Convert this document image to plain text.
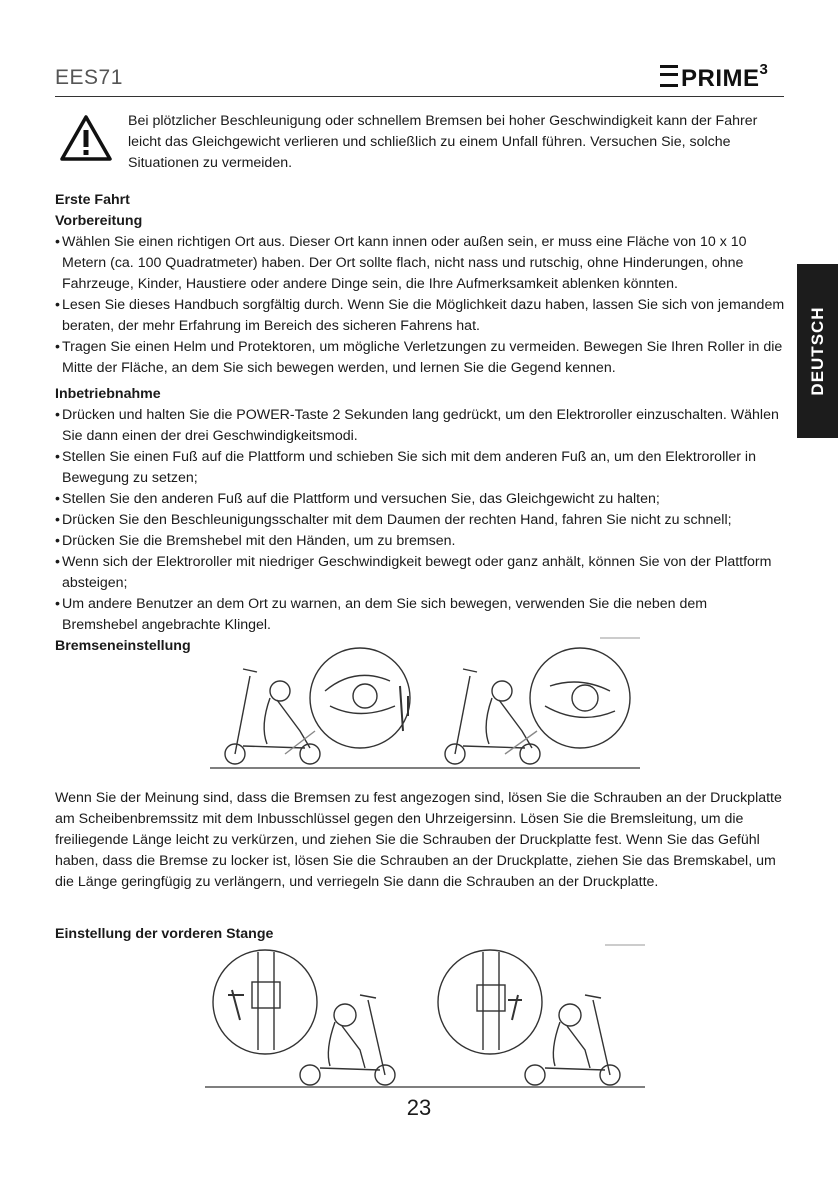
EES71	PRIME$^3$
DEUTSCH
Bei plötzlicher Beschleunigung oder schnellem Bremsen bei hoher Geschwindigkeit kann der Fahrer leicht das Gleichgewicht verlieren und schließlich zu einem Unfall führen. Versuchen Sie, solche Situationen zu vermeiden.
Erste Fahrt
Vorbereitung
• Wählen Sie einen richtigen Ort aus. Dieser Ort kann innen oder außen sein, er muss eine Fläche von 10 x 10 Metern (ca. 100 Quadratmeter) haben. Der Ort sollte flach, nicht nass und rutschig, ohne Hinderungen, ohne Fahrzeuge, Kinder, Haustiere oder andere Dinge sein, die Ihre Aufmerksamkeit ablenken könnten.
• Lesen Sie dieses Handbuch sorgfältig durch. Wenn Sie die Möglichkeit dazu haben, lassen Sie sich von jemandem beraten, der mehr Erfahrung im Bereich des sicheren Fahrens hat.
• Tragen Sie einen Helm und Protektoren, um mögliche Verletzungen zu vermeiden. Bewegen Sie Ihren Roller in die Mitte der Fläche, an dem Sie sich bewegen werden, und lernen Sie die Gegend kennen.
Inbetriebnahme
• Drücken und halten Sie die POWER-Taste 2 Sekunden lang gedrückt, um den Elektroroller einzuschalten. Wählen Sie dann einen der drei Geschwindigkeitsmodi.
• Stellen Sie einen Fuß auf die Plattform und schieben Sie sich mit dem anderen Fuß an, um den Elektroroller in Bewegung zu setzen;
• Stellen Sie den anderen Fuß auf die Plattform und versuchen Sie, das Gleichgewicht zu halten;
• Drücken Sie den Beschleunigungsschalter mit dem Daumen der rechten Hand, fahren Sie nicht zu schnell;
• Drücken Sie die Bremshebel mit den Händen, um zu bremsen.
• Wenn sich der Elektroroller mit niedriger Geschwindigkeit bewegt oder ganz anhält, können Sie von der Plattform absteigen;
• Um andere Benutzer an dem Ort zu warnen, an dem Sie sich bewegen, verwenden Sie die neben dem Bremshebel angebrachte Klingel.
Bremseneinstellung
Wenn Sie der Meinung sind, dass die Bremsen zu fest angezogen sind, lösen Sie die Schrauben an der Druckplatte am Scheibenbremssitz mit dem Inbusschlüssel gegen den Uhrzeigersinn. Lösen Sie die Bremsleitung, um die freiliegende Länge leicht zu verkürzen, und ziehen Sie die Schrauben der Druckplatte fest. Wenn Sie das Gefühl haben, dass die Bremse zu locker ist, lösen Sie die Schrauben an der Druckplatte, ziehen Sie das Bremskabel, um die Länge geringfügig zu verlängern, und verriegeln Sie dann die Schrauben an der Druckplatte.
Einstellung der vorderen Stange
23
